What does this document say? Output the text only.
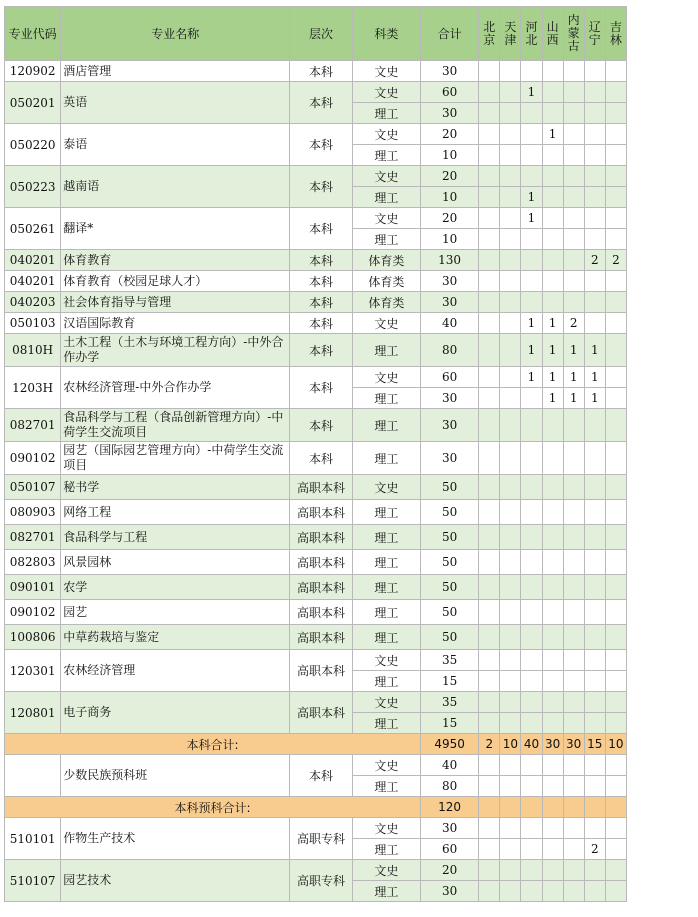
专业代码	专业名称	层次	科类	合计	北京	天津	河北	山西	内蒙古	辽宁	吉林
120902	酒店管理	本科	文史	30							
050201	英语	本科	文史	60			1				
			理工	30							
050220	泰语	本科	文史	20				1			
			理工	10							
050223	越南语	本科	文史	20							
			理工	10			1				
050261	翻译*	本科	文史	20			1				
			理工	10							
040201	体育教育	本科	体育类	130						2	2
040201	体育教育（校园足球人才）	本科	体育类	30							
040203	社会体育指导与管理	本科	体育类	30							
050103	汉语国际教育	本科	文史	40			1	1	2		
0810H	土木工程（土木与环境工程方向）-中外合作办学	本科	理工	80			1	1	1	1	
1203H	农林经济管理-中外合作办学	本科	文史	60			1	1	1	1	
			理工	30				1	1	1	
082701	食品科学与工程（食品创新管理方向）-中荷学生交流项目	本科	理工	30							
090102	园艺（国际园艺管理方向）-中荷学生交流项目	本科	理工	30							
050107	秘书学	高职本科	文史	50							
080903	网络工程	高职本科	理工	50							
082701	食品科学与工程	高职本科	理工	50							
082803	风景园林	高职本科	理工	50							
090101	农学	高职本科	理工	50							
090102	园艺	高职本科	理工	50							
100806	中草药栽培与鉴定	高职本科	理工	50							
120301	农林经济管理	高职本科	文史	35							
			理工	15							
120801	电子商务	高职本科	文史	35							
			理工	15							
本科合计:				4950	2	10	40	30	30	15	10
	少数民族预科班	本科	文史	40							
			理工	80							
本科预科合计:				120							
510101	作物生产技术	高职专科	文史	30							
			理工	60						2	
510107	园艺技术	高职专科	文史	20							
			理工	30							
